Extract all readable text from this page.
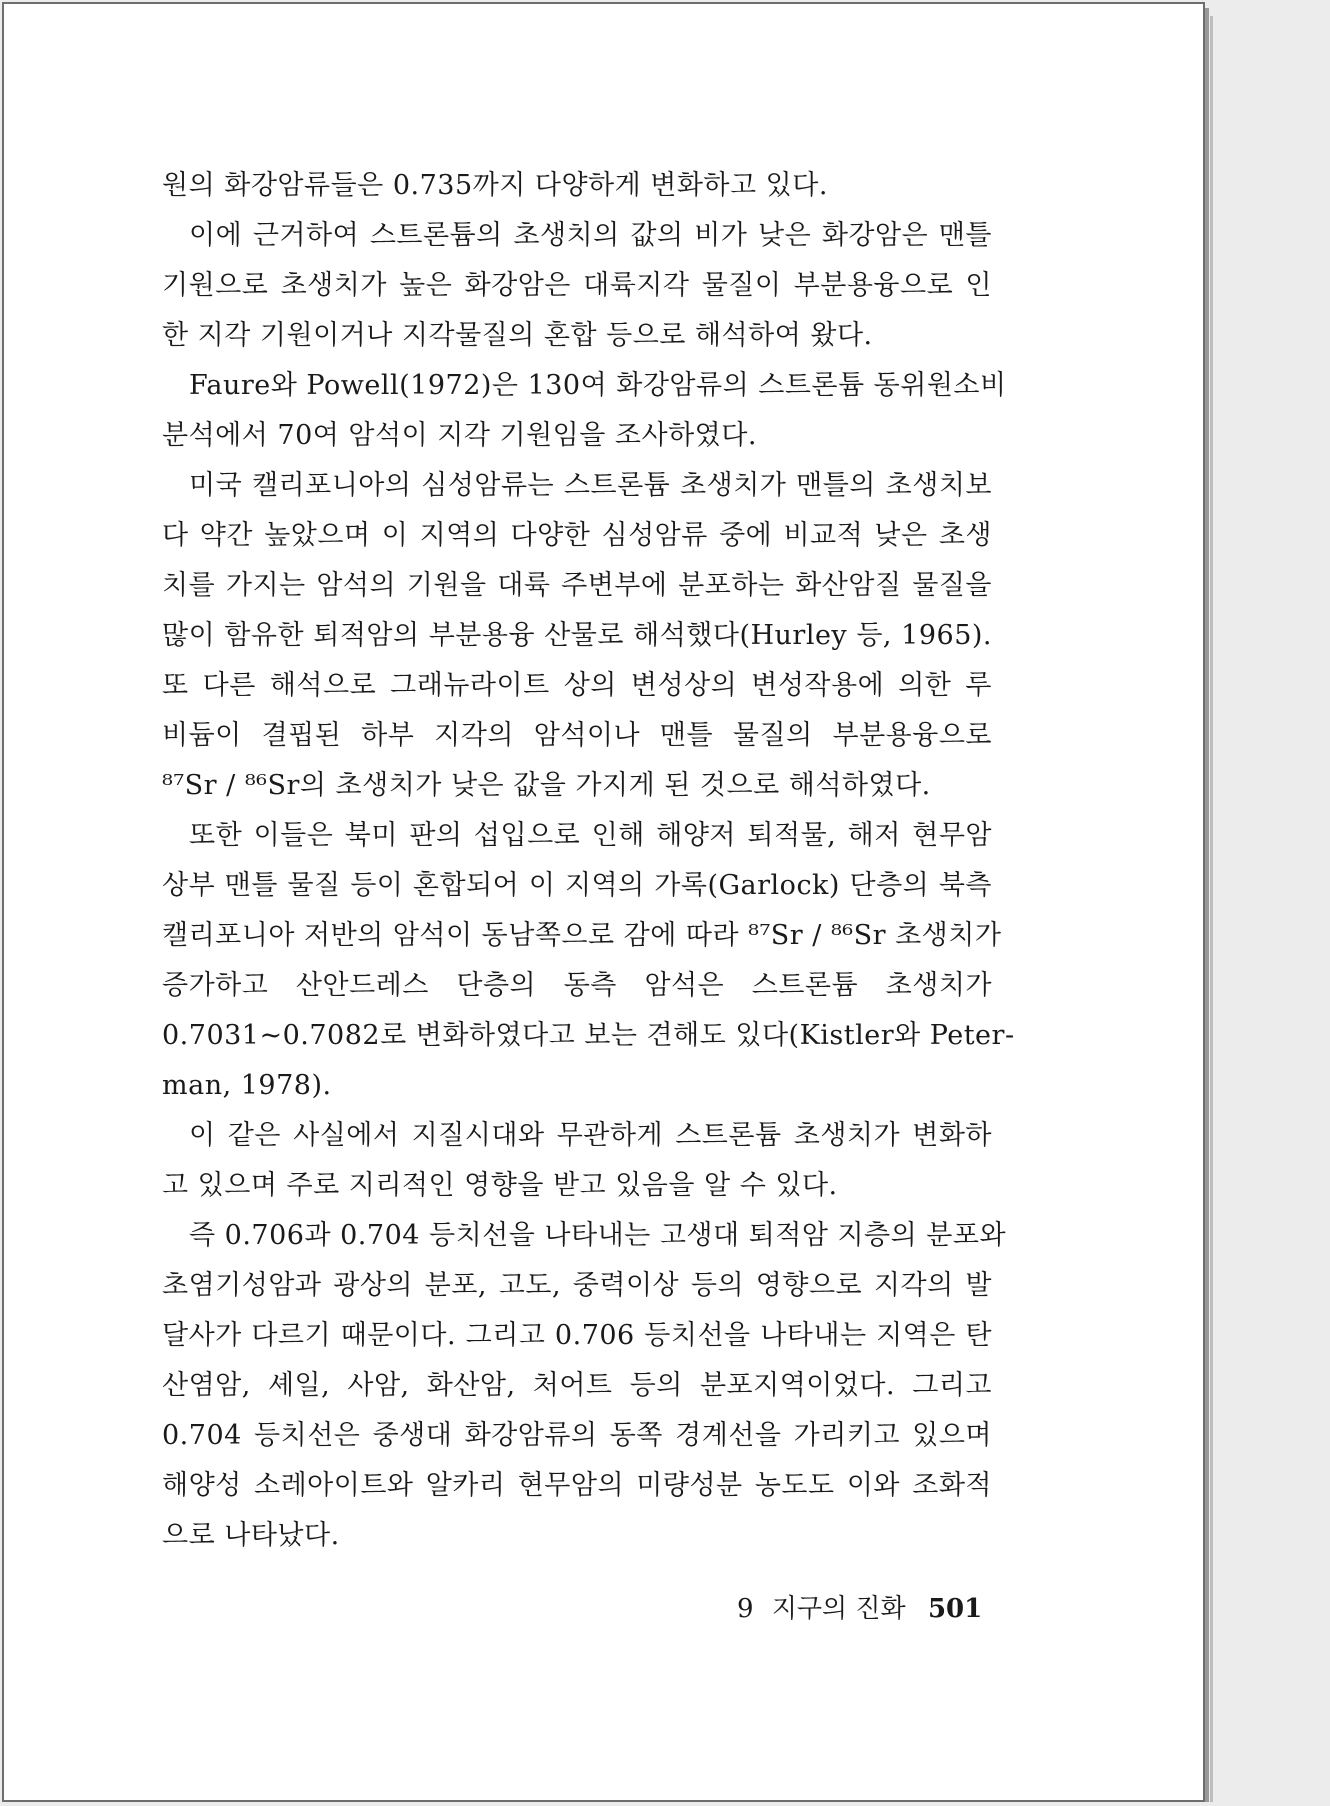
원의 화강암류들은 0.735까지 다양하게 변화하고 있다.
이에 근거하여 스트론튬의 초생치의 값의 비가 낮은 화강암은 맨틀
기원으로 초생치가 높은 화강암은 대륙지각 물질이 부분용융으로 인
한 지각 기원이거나 지각물질의 혼합 등으로 해석하여 왔다.
Faure와 Powell(1972)은 130여 화강암류의 스트론튬 동위원소비
분석에서 70여 암석이 지각 기원임을 조사하였다.
미국 캘리포니아의 심성암류는 스트론튬 초생치가 맨틀의 초생치보
다 약간 높았으며 이 지역의 다양한 심성암류 중에 비교적 낮은 초생
치를 가지는 암석의 기원을 대륙 주변부에 분포하는 화산암질 물질을
많이 함유한 퇴적암의 부분용융 산물로 해석했다(Hurley 등, 1965).
또 다른 해석으로 그래뉴라이트 상의 변성상의 변성작용에 의한 루
비듐이 결핍된 하부 지각의 암석이나 맨틀 물질의 부분용융으로
⁸⁷Sr / ⁸⁶Sr의 초생치가 낮은 값을 가지게 된 것으로 해석하였다.
또한 이들은 북미 판의 섭입으로 인해 해양저 퇴적물, 해저 현무암
상부 맨틀 물질 등이 혼합되어 이 지역의 가록(Garlock) 단층의 북측
캘리포니아 저반의 암석이 동남쪽으로 감에 따라 ⁸⁷Sr / ⁸⁶Sr 초생치가
증가하고 산안드레스 단층의 동측 암석은 스트론튬 초생치가
0.7031~0.7082로 변화하였다고 보는 견해도 있다(Kistler와 Peter-
man, 1978).
이 같은 사실에서 지질시대와 무관하게 스트론튬 초생치가 변화하
고 있으며 주로 지리적인 영향을 받고 있음을 알 수 있다.
즉 0.706과 0.704 등치선을 나타내는 고생대 퇴적암 지층의 분포와
초염기성암과 광상의 분포, 고도, 중력이상 등의 영향으로 지각의 발
달사가 다르기 때문이다. 그리고 0.706 등치선을 나타내는 지역은 탄
산염암, 셰일, 사암, 화산암, 처어트 등의 분포지역이었다. 그리고
0.704 등치선은 중생대 화강암류의 동쪽 경계선을 가리키고 있으며
해양성 소레아이트와 알카리 현무암의 미량성분 농도도 이와 조화적
으로 나타났다.
9 지구의 진화 501
